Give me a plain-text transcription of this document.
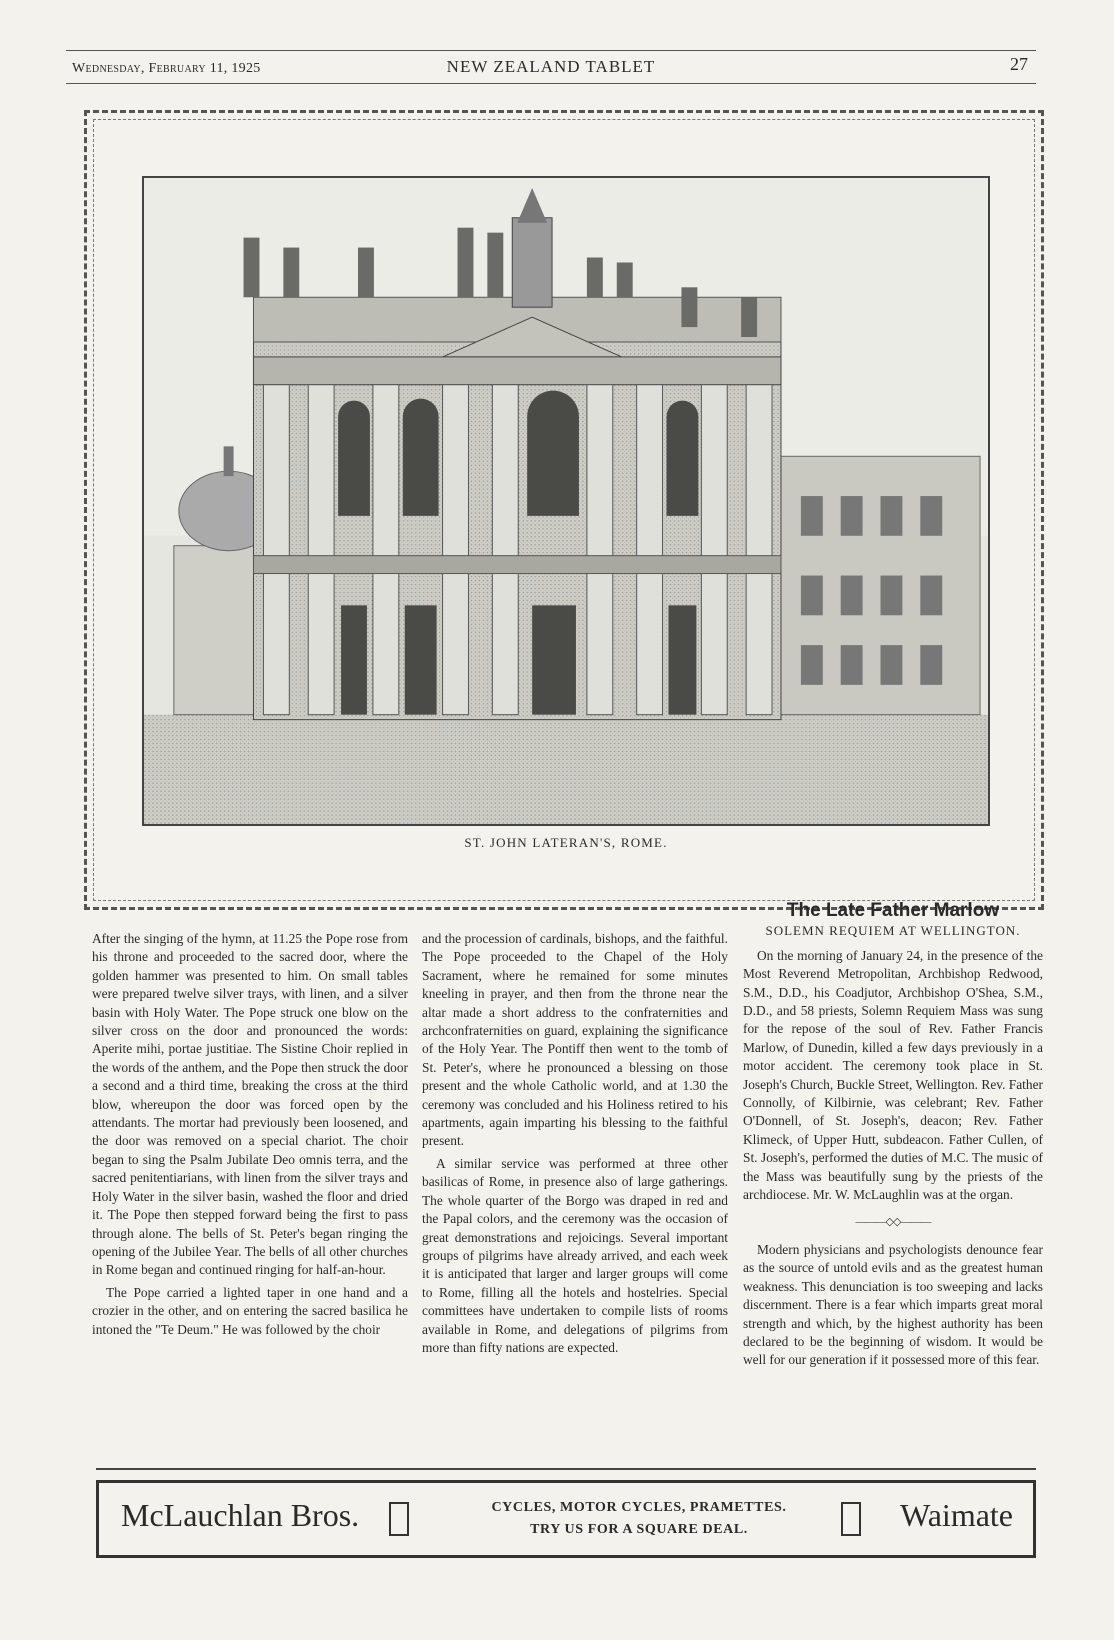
Wednesday, February 11, 1925	NEW ZEALAND TABLET	27
ST. JOHN LATERAN'S, ROME.

After the singing of the hymn, at 11.25 the Pope rose from his throne and proceeded to the sacred door, where the golden hammer was presented to him. On small tables were prepared twelve silver trays, with linen, and a silver basin with Holy Water. The Pope struck one blow on the silver cross on the door and pronounced the words: Aperite mihi, portae justitiae. The Sistine Choir replied in the words of the anthem, and the Pope then struck the door a second and a third time, breaking the cross at the third blow, whereupon the door was forced open by the attendants. The mortar had previously been loosened, and the door was removed on a special chariot. The choir began to sing the Psalm Jubilate Deo omnis terra, and the sacred penitentiarians, with linen from the silver trays and Holy Water in the silver basin, washed the floor and dried it. The Pope then stepped forward being the first to pass through alone. The bells of St. Peter's began ringing the opening of the Jubilee Year. The bells of all other churches in Rome began and continued ringing for half-an-hour.

The Pope carried a lighted taper in one hand and a crozier in the other, and on entering the sacred basilica he intoned the "Te Deum." He was followed by the choir

and the procession of cardinals, bishops, and the faithful. The Pope proceeded to the Chapel of the Holy Sacrament, where he remained for some minutes kneeling in prayer, and then from the throne near the altar made a short address to the confraternities and archconfraternities on guard, explaining the significance of the Holy Year. The Pontiff then went to the tomb of St. Peter's, where he pronounced a blessing on those present and the whole Catholic world, and at 1.30 the ceremony was concluded and his Holiness retired to his apartments, again imparting his blessing to the faithful present.

A similar service was performed at three other basilicas of Rome, in presence also of large gatherings. The whole quarter of the Borgo was draped in red and the Papal colors, and the ceremony was the occasion of great demonstrations and rejoicings. Several important groups of pilgrims have already arrived, and each week it is anticipated that larger and larger groups will come to Rome, filling all the hotels and hostelries. Special committees have undertaken to compile lists of rooms available in Rome, and delegations of pilgrims from more than fifty nations are expected.

The Late Father Marlow
SOLEMN REQUIEM AT WELLINGTON.

On the morning of January 24, in the presence of the Most Reverend Metropolitan, Archbishop Redwood, S.M., D.D., his Coadjutor, Archbishop O'Shea, S.M., D.D., and 58 priests, Solemn Requiem Mass was sung for the repose of the soul of Rev. Father Francis Marlow, of Dunedin, killed a few days previously in a motor accident. The ceremony took place in St. Joseph's Church, Buckle Street, Wellington. Rev. Father Connolly, of Kilbirnie, was celebrant; Rev. Father O'Donnell, of St. Joseph's, deacon; Rev. Father Klimeck, of Upper Hutt, subdeacon. Father Cullen, of St. Joseph's, performed the duties of M.C. The music of the Mass was beautifully sung by the priests of the archdiocese. Mr. W. McLaughlin was at the organ.

———◇◇———

Modern physicians and psychologists denounce fear as the source of untold evils and as the greatest human weakness. This denunciation is too sweeping and lacks discernment. There is a fear which imparts great moral strength and which, by the highest authority has been declared to be the beginning of wisdom. It would be well for our generation if it possessed more of this fear.

McLauchlan Bros.	CYCLES, MOTOR CYCLES, PRAMETTES.
TRY US FOR A SQUARE DEAL.	Waimate
